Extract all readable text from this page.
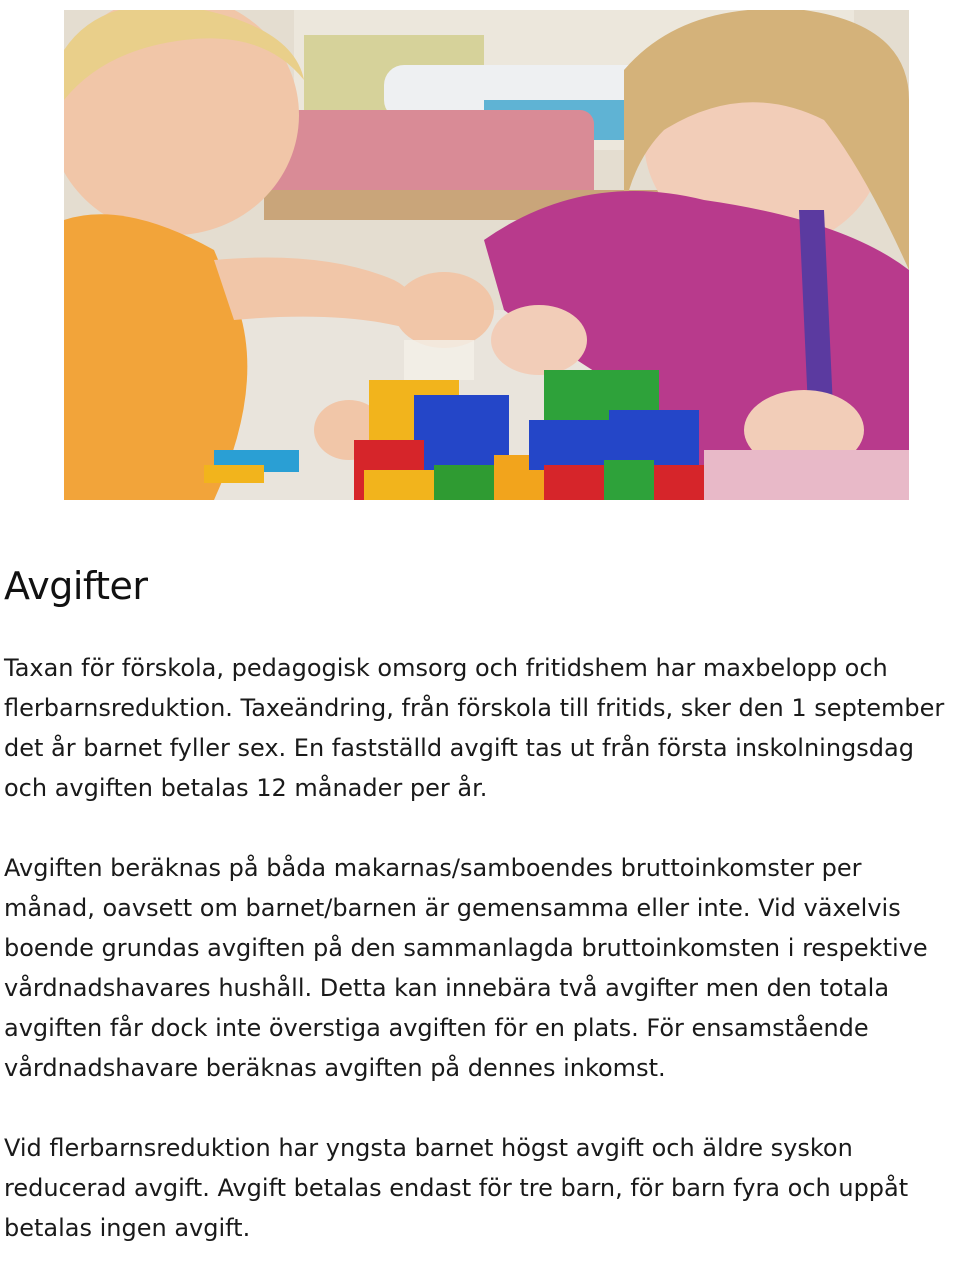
Avgifter

Taxan för förskola, pedagogisk omsorg och fritidshem har maxbelopp och flerbarnsreduktion. Taxeändring, från förskola till fritids, sker den 1 september det år barnet fyller sex. En fastställd avgift tas ut från första inskolningsdag och avgiften betalas 12 månader per år.

Avgiften beräknas på båda makarnas/samboendes bruttoinkomster per månad, oavsett om barnet/barnen är gemensamma eller inte. Vid växelvis boende grundas avgiften på den sammanlagda bruttoinkomsten i respektive vårdnadshavares hushåll. Detta kan innebära två avgifter men den totala avgiften får dock inte överstiga avgiften för en plats. För ensamstående vårdnadshavare beräknas avgiften på dennes inkomst.

Vid flerbarnsreduktion har yngsta barnet högst avgift och äldre syskon reducerad avgift. Avgift betalas endast för tre barn, för barn fyra och uppåt betalas ingen avgift.
